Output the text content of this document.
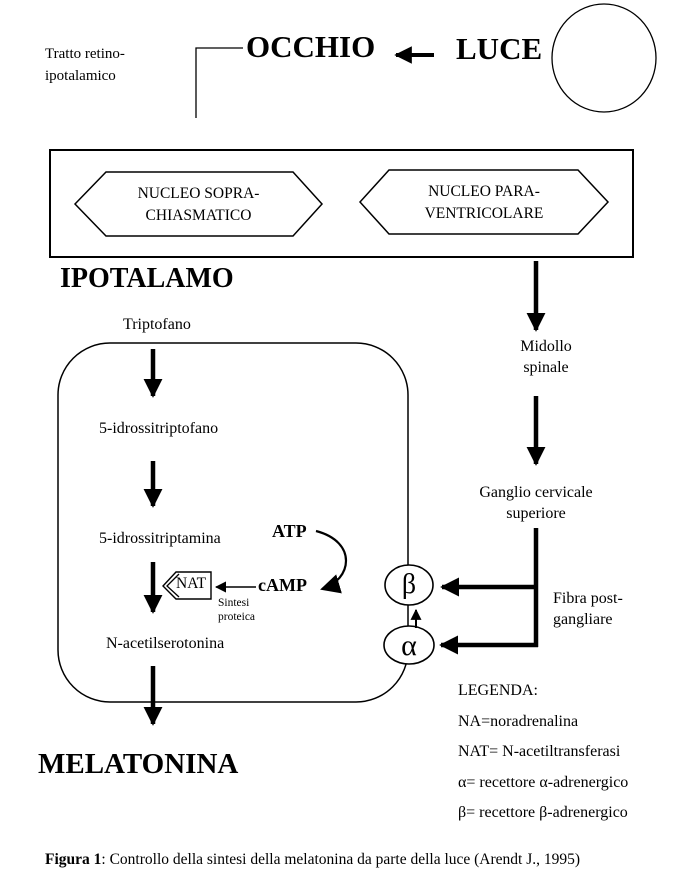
Tratto retino-
ipotalamico
OCCHIO	LUCE
NUCLEO SOPRA-
CHIASMATICO
NUCLEO PARA-
VENTRICOLARE
IPOTALAMO
Triptofano
5-idrossitriptofano
5-idrossitriptamina
N-acetilserotonina
MELATONINA
ATP
cAMP
NAT
Sintesi
proteica
β
α
Midollo
spinale
Ganglio cervicale
superiore
Fibra post-
gangliare
LEGENDA:
NA=noradrenalina
NAT= N-acetiltransferasi
α= recettore α-adrenergico
β= recettore β-adrenergico
Figura 1: Controllo della sintesi della melatonina da parte della luce (Arendt J., 1995)
